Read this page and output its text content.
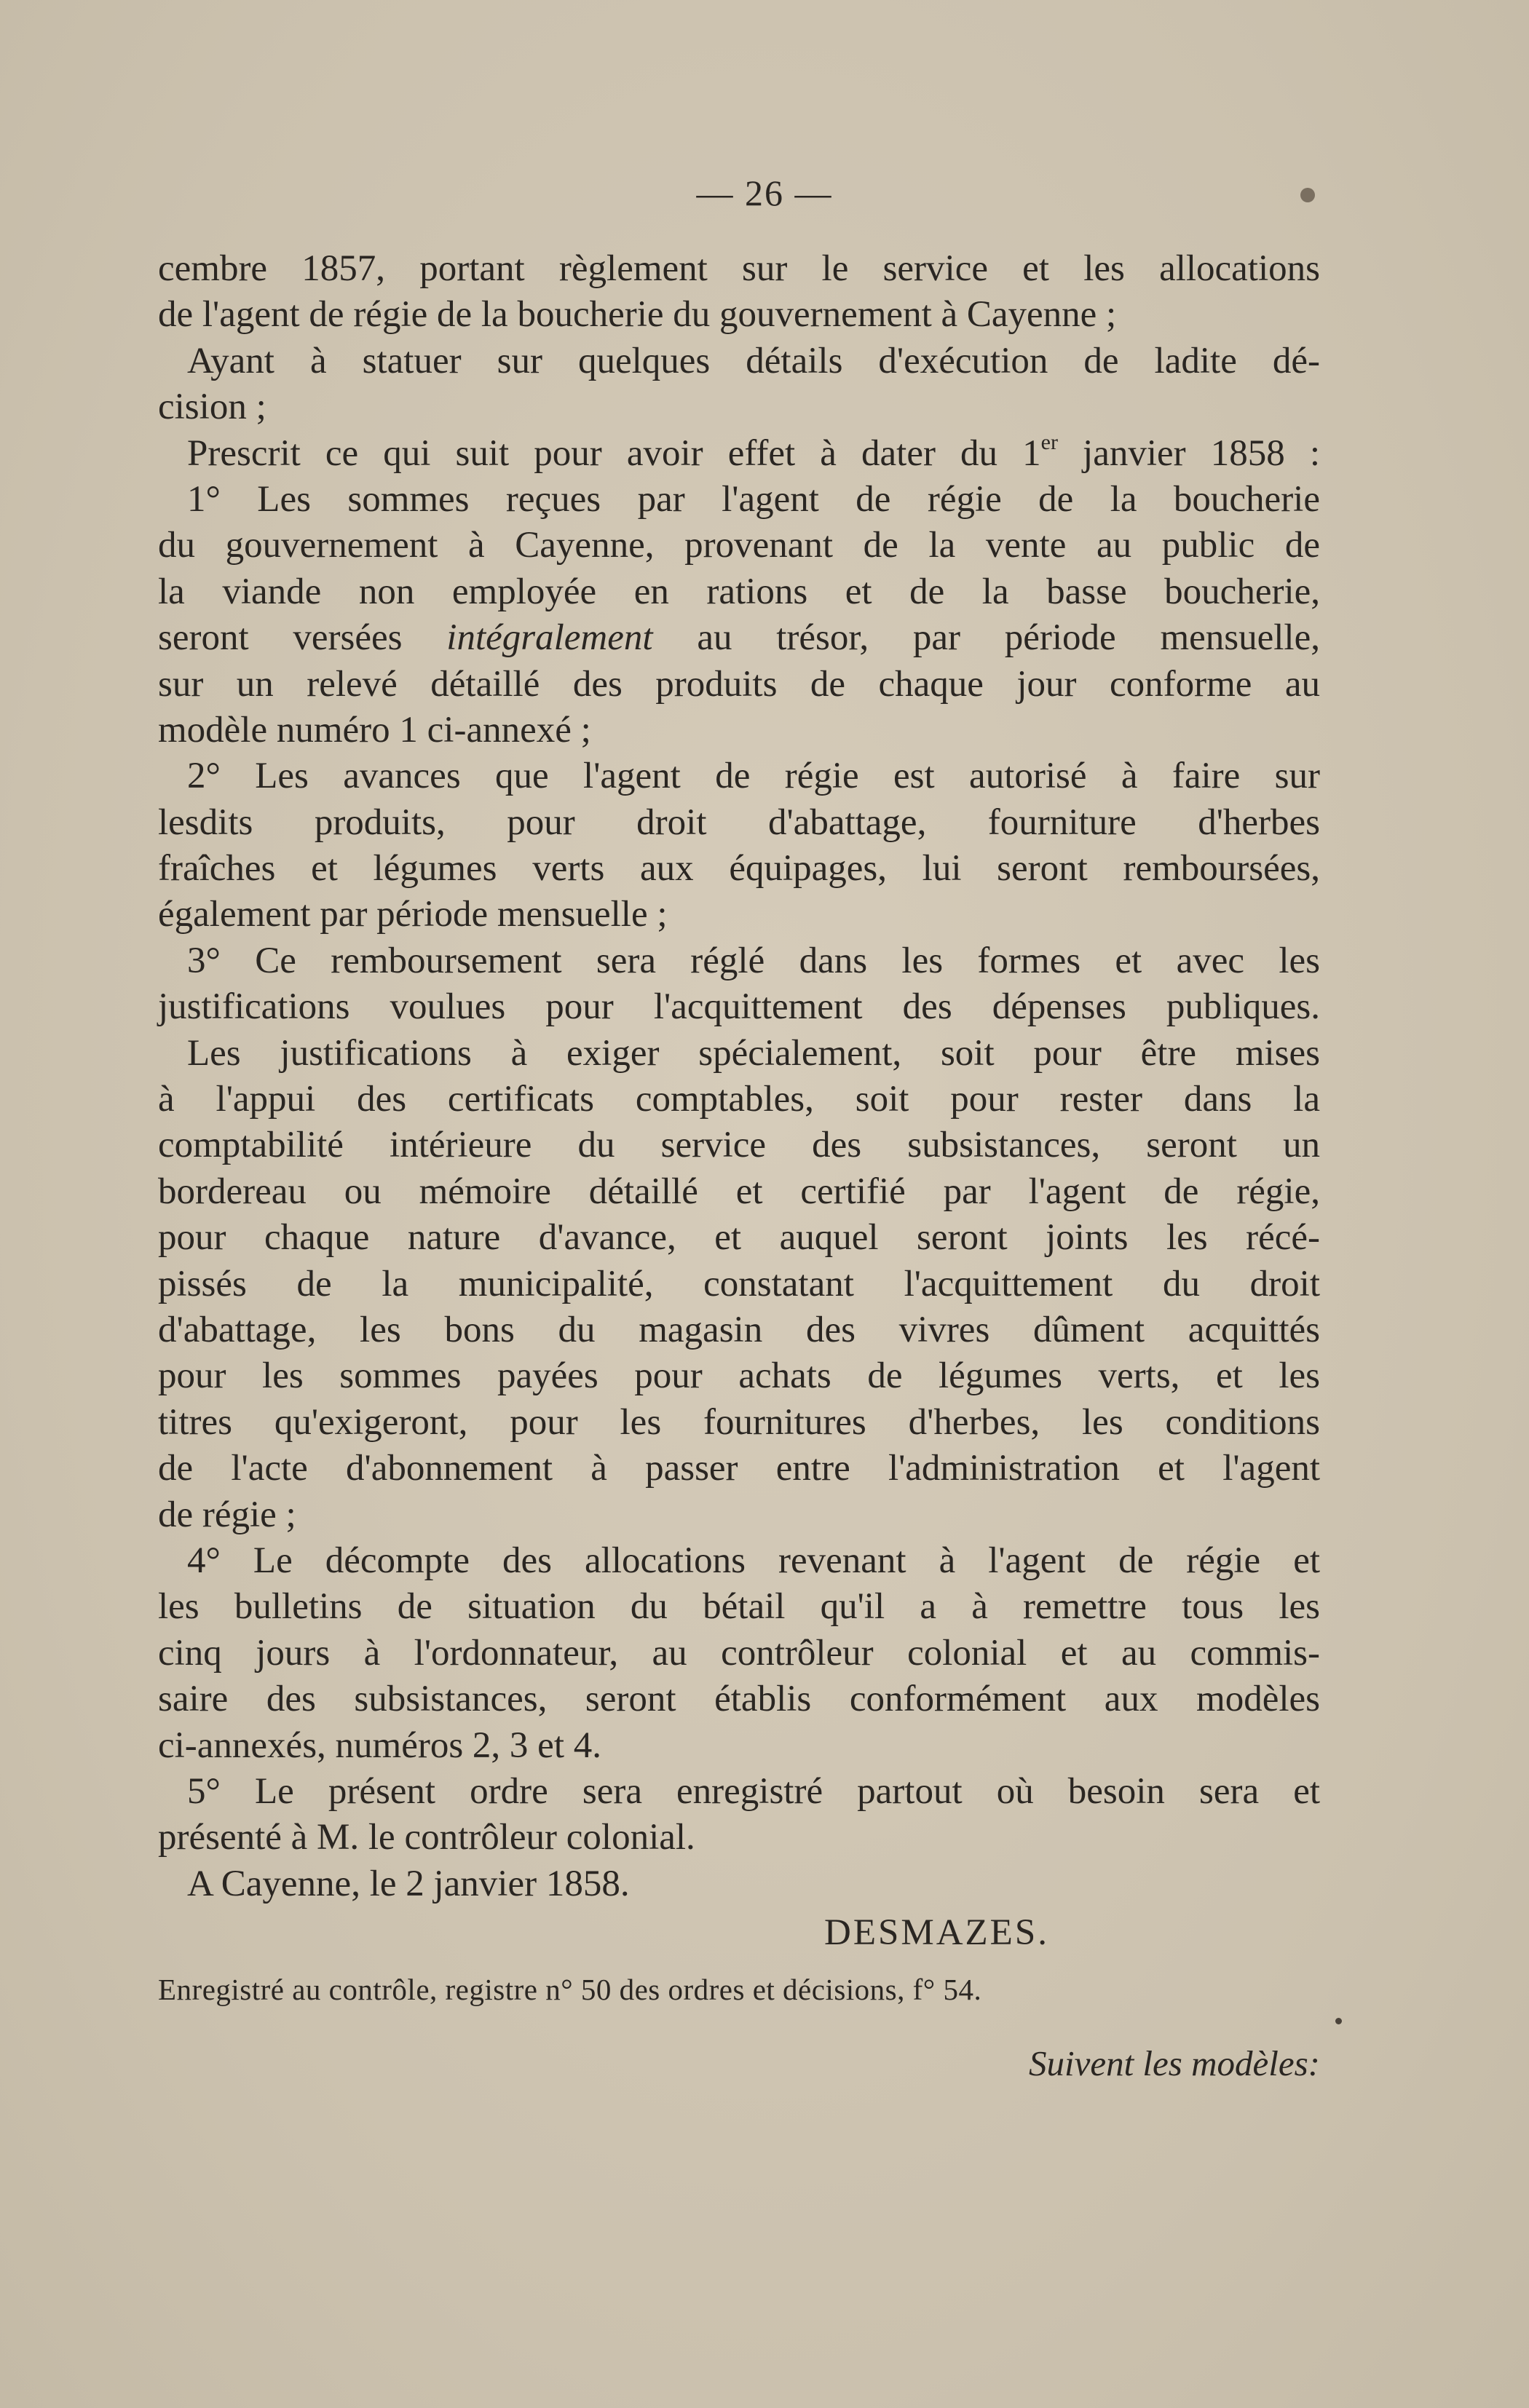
— 26 —
cembre 1857, portant règlement sur le service et les allocations
de l'agent de régie de la boucherie du gouvernement à Cayenne ;
Ayant à statuer sur quelques détails d'exécution de ladite dé-
cision ;
Prescrit ce qui suit pour avoir effet à dater du 1er janvier 1858 :
1° Les sommes reçues par l'agent de régie de la boucherie
du gouvernement à Cayenne, provenant de la vente au public de
la viande non employée en rations et de la basse boucherie,
seront versées intégralement au trésor, par période mensuelle,
sur un relevé détaillé des produits de chaque jour conforme au
modèle numéro 1 ci-annexé ;
2° Les avances que l'agent de régie est autorisé à faire sur
lesdits produits, pour droit d'abattage, fourniture d'herbes
fraîches et légumes verts aux équipages, lui seront remboursées,
également par période mensuelle ;
3° Ce remboursement sera réglé dans les formes et avec les
justifications voulues pour l'acquittement des dépenses publiques.
Les justifications à exiger spécialement, soit pour être mises
à l'appui des certificats comptables, soit pour rester dans la
comptabilité intérieure du service des subsistances, seront un
bordereau ou mémoire détaillé et certifié par l'agent de régie,
pour chaque nature d'avance, et auquel seront joints les récé-
pissés de la municipalité, constatant l'acquittement du droit
d'abattage, les bons du magasin des vivres dûment acquittés
pour les sommes payées pour achats de légumes verts, et les
titres qu'exigeront, pour les fournitures d'herbes, les conditions
de l'acte d'abonnement à passer entre l'administration et l'agent
de régie ;
4° Le décompte des allocations revenant à l'agent de régie et
les bulletins de situation du bétail qu'il a à remettre tous les
cinq jours à l'ordonnateur, au contrôleur colonial et au commis-
saire des subsistances, seront établis conformément aux modèles
ci-annexés, numéros 2, 3 et 4.
5° Le présent ordre sera enregistré partout où besoin sera et
présenté à M. le contrôleur colonial.
A Cayenne, le 2 janvier 1858.
DESMAZES.
Enregistré au contrôle, registre n° 50 des ordres et décisions, f° 54.
Suivent les modèles:
